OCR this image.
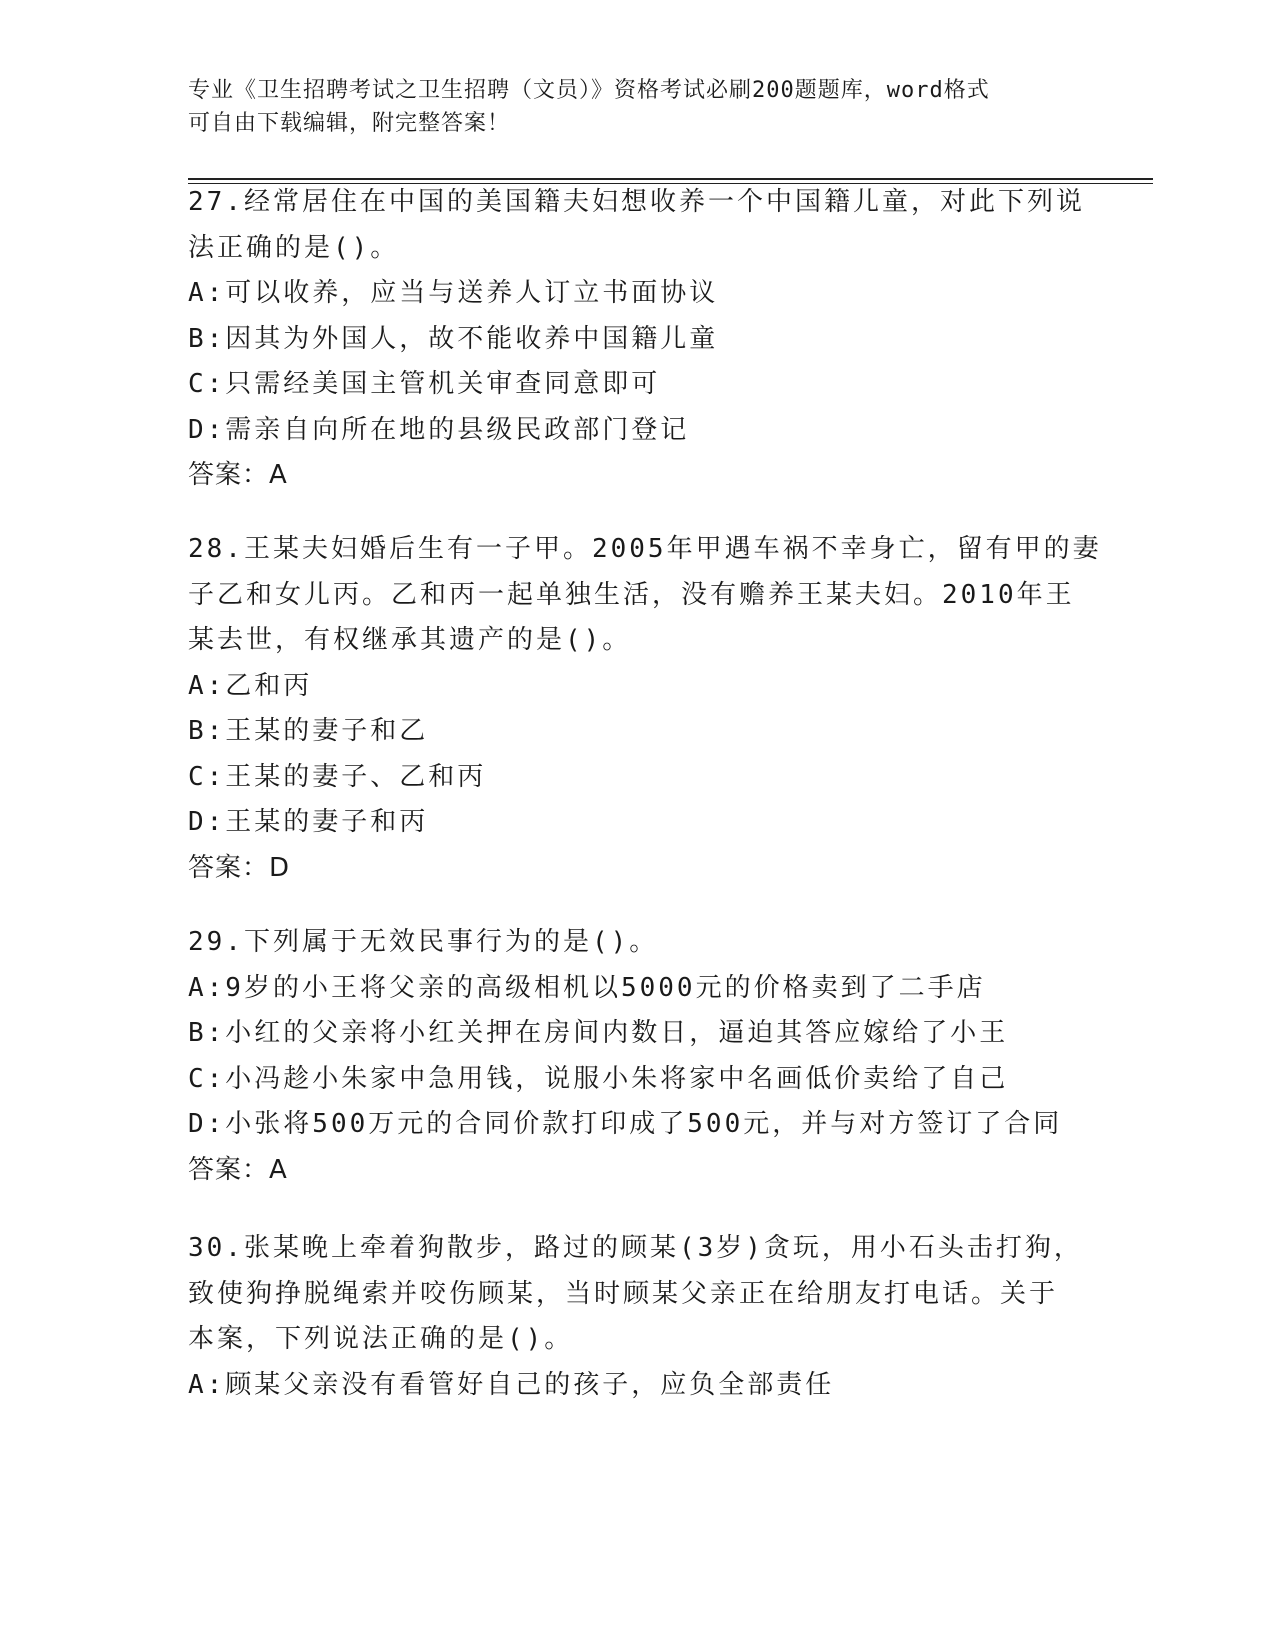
专业《卫生招聘考试之卫生招聘（文员）》资格考试必刷200题题库，word格式
可自由下载编辑，附完整答案！
27.经常居住在中国的美国籍夫妇想收养一个中国籍儿童，对此下列说
法正确的是()。
A:可以收养，应当与送养人订立书面协议
B:因其为外国人，故不能收养中国籍儿童
C:只需经美国主管机关审查同意即可
D:需亲自向所在地的县级民政部门登记
答案：A
28.王某夫妇婚后生有一子甲。2005年甲遇车祸不幸身亡，留有甲的妻
子乙和女儿丙。乙和丙一起单独生活，没有赡养王某夫妇。2010年王
某去世，有权继承其遗产的是()。
A:乙和丙
B:王某的妻子和乙
C:王某的妻子、乙和丙
D:王某的妻子和丙
答案：D
29.下列属于无效民事行为的是()。
A:9岁的小王将父亲的高级相机以5000元的价格卖到了二手店
B:小红的父亲将小红关押在房间内数日，逼迫其答应嫁给了小王
C:小冯趁小朱家中急用钱，说服小朱将家中名画低价卖给了自己
D:小张将500万元的合同价款打印成了500元，并与对方签订了合同
答案：A
30.张某晚上牵着狗散步，路过的顾某(3岁)贪玩，用小石头击打狗，
致使狗挣脱绳索并咬伤顾某，当时顾某父亲正在给朋友打电话。关于
本案，下列说法正确的是()。
A:顾某父亲没有看管好自己的孩子，应负全部责任
